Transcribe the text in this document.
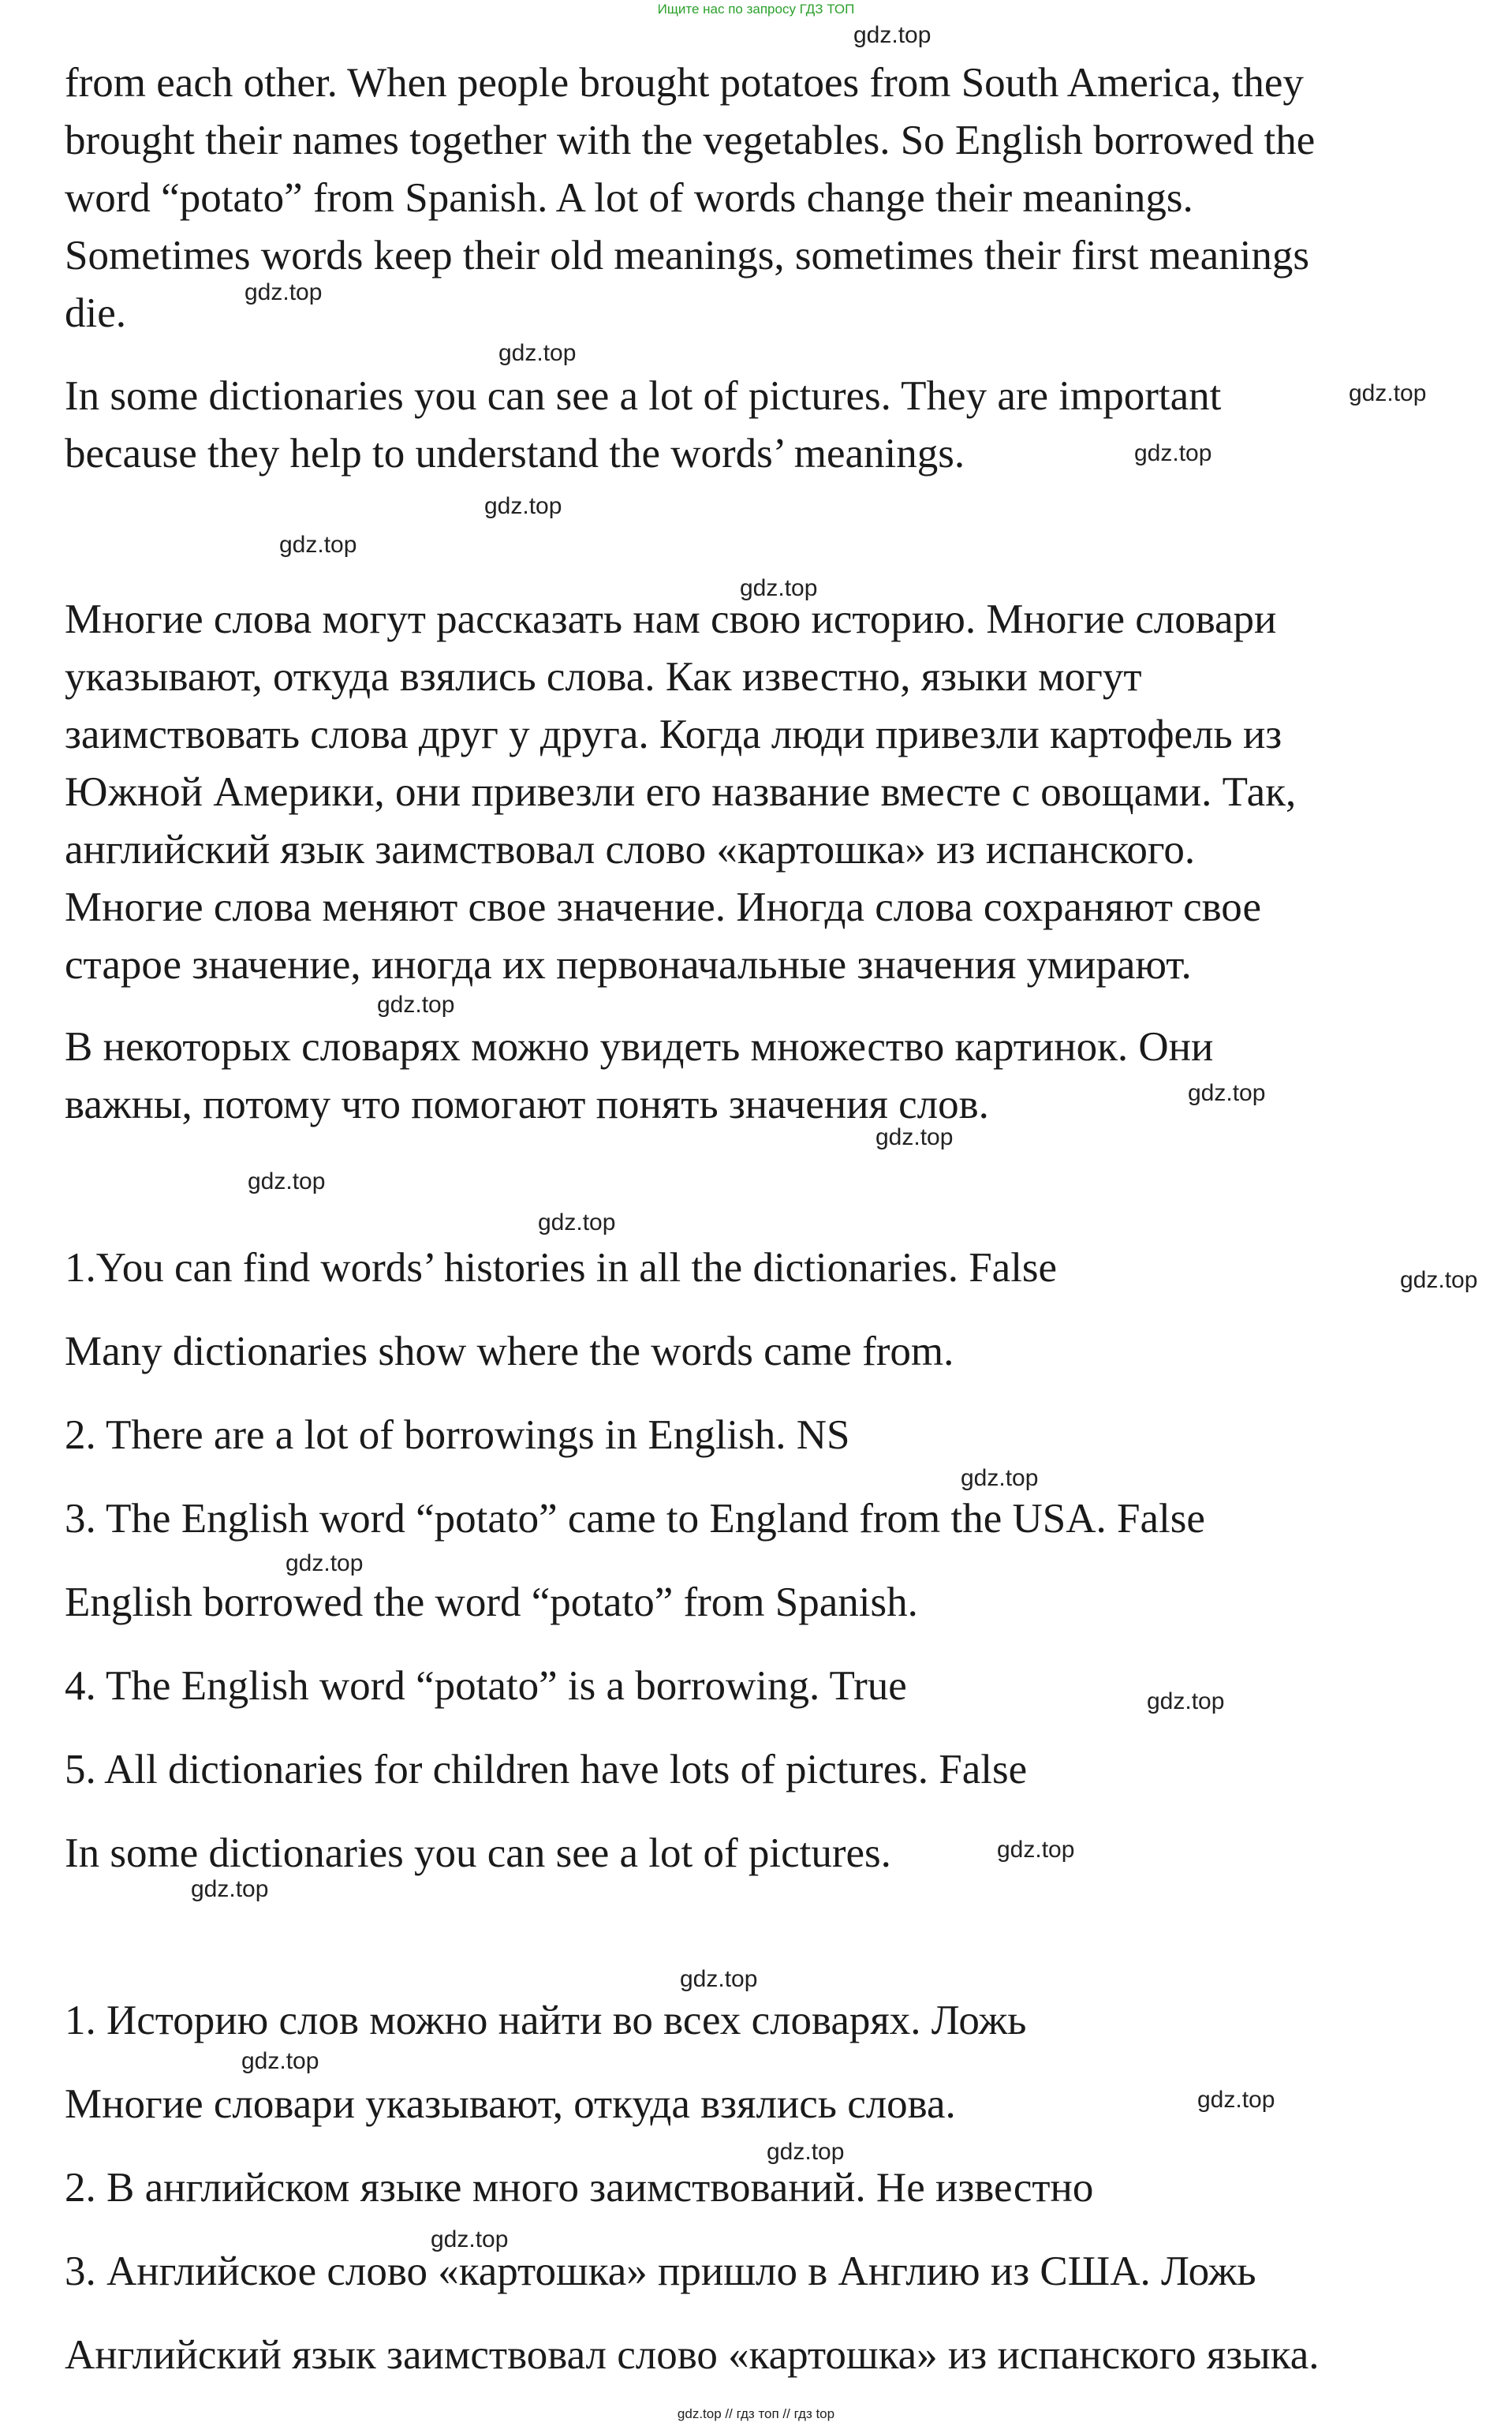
Ищите нас по запросу ГДЗ ТОП
from each other. When people brought potatoes from South America, they
brought their names together with the vegetables. So English borrowed the
word “potato” from Spanish. A lot of words change their meanings.
Sometimes words keep their old meanings, sometimes their first meanings
die.
In some dictionaries you can see a lot of pictures. They are important
because they help to understand the words’ meanings.
Многие слова могут рассказать нам свою историю. Многие словари
указывают, откуда взялись слова. Как известно, языки могут
заимствовать слова друг у друга. Когда люди привезли картофель из
Южной Америки, они привезли его название вместе с овощами. Так,
английский язык заимствовал слово «картошка» из испанского.
Многие слова меняют свое значение. Иногда слова сохраняют свое
старое значение, иногда их первоначальные значения умирают.
В некоторых словарях можно увидеть множество картинок. Они
важны, потому что помогают понять значения слов.
1.You can find words’ histories in all the dictionaries. False
Many dictionaries show where the words came from.
2. There are a lot of borrowings in English. NS
3. The English word “potato” came to England from the USA. False
English borrowed the word “potato” from Spanish.
4. The English word “potato” is a borrowing. True
5. All dictionaries for children have lots of pictures. False
In some dictionaries you can see a lot of pictures.
1. Историю слов можно найти во всех словарях. Ложь
Многие словари указывают, откуда взялись слова.
2. В английском языке много заимствований. Не известно
3. Английское слово «картошка» пришло в Англию из США. Ложь
Английский язык заимствовал слово «картошка» из испанского языка.
gdz.top
gdz.top
gdz.top
gdz.top
gdz.top
gdz.top
gdz.top
gdz.top
gdz.top
gdz.top
gdz.top
gdz.top
gdz.top
gdz.top
gdz.top
gdz.top
gdz.top
gdz.top
gdz.top
gdz.top
gdz.top
gdz.top
gdz.top
gdz.top
gdz.top // гдз топ // гдз top
